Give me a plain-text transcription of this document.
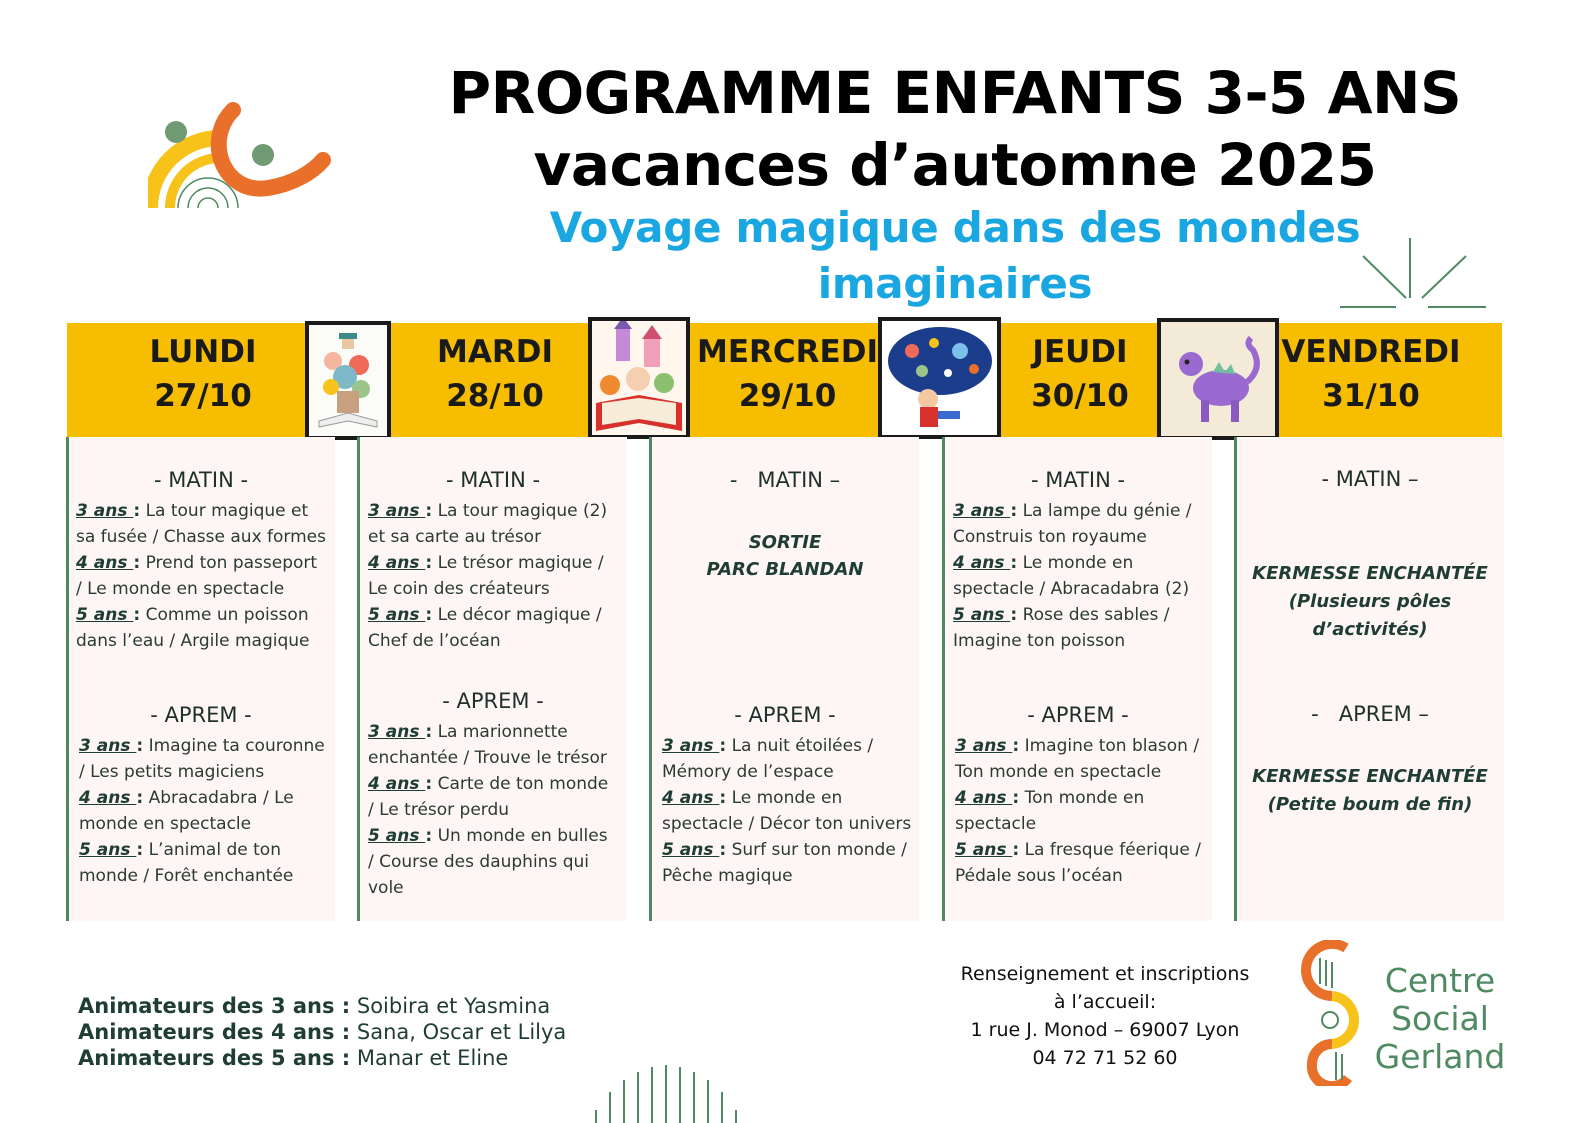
PROGRAMME ENFANTS 3-5 ANS
vacances d’automne 2025
Voyage magique dans des mondes imaginaires
LUNDI
27/10
MARDI
28/10
MERCREDI
29/10
JEUDI
30/10
VENDREDI
31/10
- MATIN -
3 ans : La tour magique et sa fusée / Chasse aux formes
4 ans : Prend ton passeport / Le monde en spectacle
5 ans : Comme un poisson dans l’eau / Argile magique
- APREM -
3 ans : Imagine ta couronne / Les petits magiciens
4 ans : Abracadabra / Le monde en spectacle
5 ans : L’animal de ton monde / Forêt enchantée
- MATIN -
3 ans : La tour magique (2) et sa carte au trésor
4 ans : Le trésor magique / Le coin des créateurs
5 ans : Le décor magique / Chef de l’océan
- APREM -
3 ans : La marionnette enchantée / Trouve le trésor
4 ans : Carte de ton monde / Le trésor perdu
5 ans : Un monde en bulles / Course des dauphins qui vole
-   MATIN –
SORTIE
PARC BLANDAN
- APREM -
3 ans : La nuit étoilées / Mémory de l’espace
4 ans : Le monde en spectacle / Décor ton univers
5 ans : Surf sur ton monde / Pêche magique
- MATIN -
3 ans : La lampe du génie / Construis ton royaume
4 ans : Le monde en spectacle / Abracadabra (2)
5 ans : Rose des sables / Imagine ton poisson
- APREM -
3 ans : Imagine ton blason / Ton monde en spectacle
4 ans : Ton monde en spectacle
5 ans : La fresque féerique / Pédale sous l’océan
- MATIN –
KERMESSE ENCHANTÉE
(Plusieurs pôles
d’activités)
-   APREM –
KERMESSE ENCHANTÉE
(Petite boum de fin)
Animateurs des 3 ans : Soibira et Yasmina
Animateurs des 4 ans : Sana, Oscar et Lilya
Animateurs des 5 ans : Manar et Eline
Renseignement et inscriptions
à l’accueil:
1 rue J. Monod – 69007 Lyon
04 72 71 52 60
Centre
Social
Gerland
